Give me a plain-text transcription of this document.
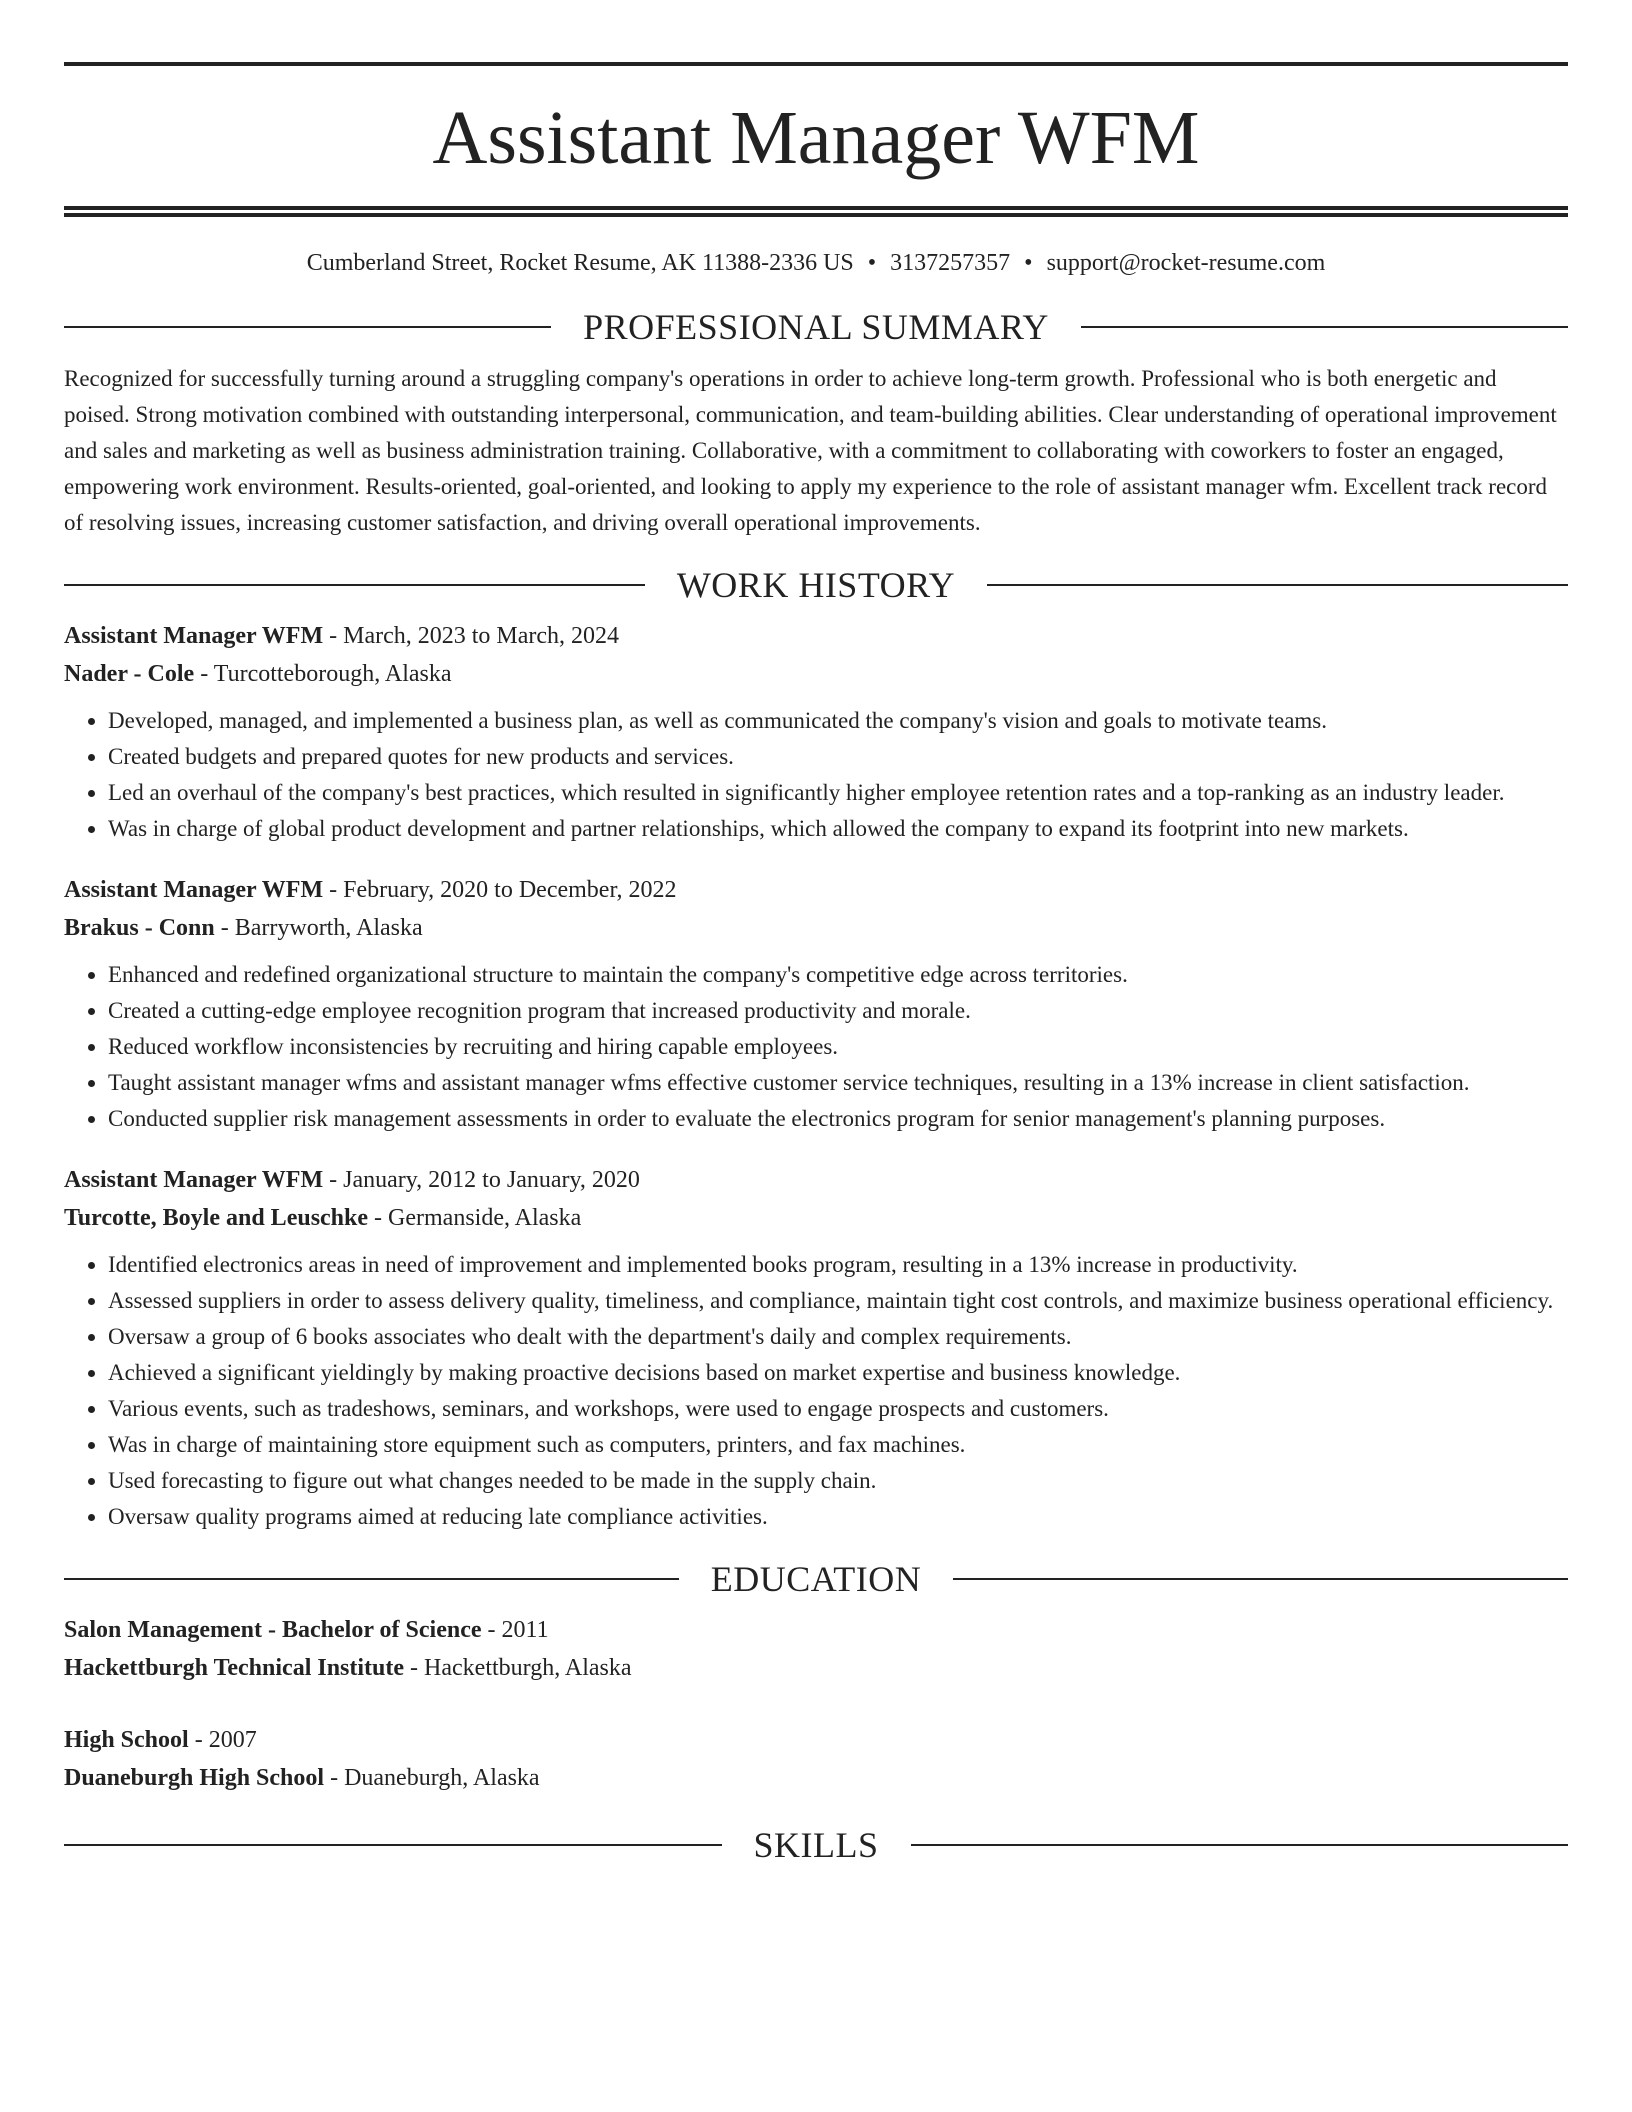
Assistant Manager WFM
Cumberland Street, Rocket Resume, AK 11388-2336 US • 3137257357 • support@rocket-resume.com
PROFESSIONAL SUMMARY

Recognized for successfully turning around a struggling company's operations in order to achieve long-term growth. Professional who is both energetic and poised. Strong motivation combined with outstanding interpersonal, communication, and team-building abilities. Clear understanding of operational improvement and sales and marketing as well as business administration training. Collaborative, with a commitment to collaborating with coworkers to foster an engaged, empowering work environment. Results-oriented, goal-oriented, and looking to apply my experience to the role of assistant manager wfm. Excellent track record of resolving issues, increasing customer satisfaction, and driving overall operational improvements.

WORK HISTORY
Assistant Manager WFM - March, 2023 to March, 2024
Nader - Cole - Turcotteborough, Alaska
• Developed, managed, and implemented a business plan, as well as communicated the company's vision and goals to motivate teams.
• Created budgets and prepared quotes for new products and services.
• Led an overhaul of the company's best practices, which resulted in significantly higher employee retention rates and a top-ranking as an industry leader.
• Was in charge of global product development and partner relationships, which allowed the company to expand its footprint into new markets.
Assistant Manager WFM - February, 2020 to December, 2022
Brakus - Conn - Barryworth, Alaska
• Enhanced and redefined organizational structure to maintain the company's competitive edge across territories.
• Created a cutting-edge employee recognition program that increased productivity and morale.
• Reduced workflow inconsistencies by recruiting and hiring capable employees.
• Taught assistant manager wfms and assistant manager wfms effective customer service techniques, resulting in a 13% increase in client satisfaction.
• Conducted supplier risk management assessments in order to evaluate the electronics program for senior management's planning purposes.
Assistant Manager WFM - January, 2012 to January, 2020
Turcotte, Boyle and Leuschke - Germanside, Alaska
• Identified electronics areas in need of improvement and implemented books program, resulting in a 13% increase in productivity.
• Assessed suppliers in order to assess delivery quality, timeliness, and compliance, maintain tight cost controls, and maximize business operational efficiency.
• Oversaw a group of 6 books associates who dealt with the department's daily and complex requirements.
• Achieved a significant yieldingly by making proactive decisions based on market expertise and business knowledge.
• Various events, such as tradeshows, seminars, and workshops, were used to engage prospects and customers.
• Was in charge of maintaining store equipment such as computers, printers, and fax machines.
• Used forecasting to figure out what changes needed to be made in the supply chain.
• Oversaw quality programs aimed at reducing late compliance activities.
EDUCATION
Salon Management - Bachelor of Science - 2011
Hackettburgh Technical Institute - Hackettburgh, Alaska
High School - 2007
Duaneburgh High School - Duaneburgh, Alaska
SKILLS
